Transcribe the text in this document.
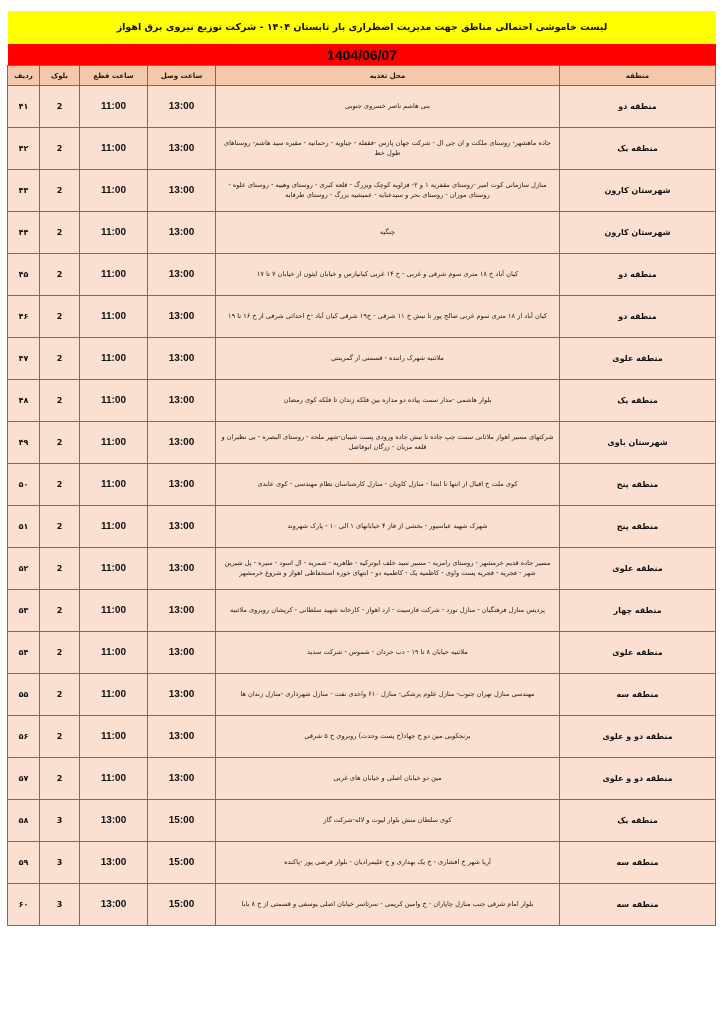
لیست خاموشی احتمالی مناطق جهت مدیریت اضطراری بار تابستان ۱۴۰۴ - شرکت توزیع نیروی برق اهواز
1404/06/07
منطقه	محل تغذیه	ساعت وصل	ساعت قطع	بلوک	ردیف
منطقه دو	بنی هاشم ناصر خسروی جنوبی	13:00	11:00	2	۴۱
منطقه یک	جاده ماهشهر- روستای ملکت و ان جی ال - شرکت جهان پارس -فقفله - جیاویه - رحمانیه - مقیره سید هاشم- روستاهای طول خط	13:00	11:00	2	۴۲
شهرستان کارون	منازل سازمانی کوت امیر -روستای مقفریه ۱ و ۲- فزاویه کوچک ویزرگ - قلعه کبری - روستای وهبیه - روستای علوه - روستای موران - روستای بحر و سیدعنایه - عمیشیه بزرگ - روستای طرفایه	13:00	11:00	2	۴۳
شهرستان کارون	چنگیه	13:00	11:00	2	۴۴
منطقه دو	کیان آباد خ ۱۸ متری سوم شرقی و غربی - خ ۱۴ غربی کیانپارس و خیابان ایثون از خیابان ۷ تا ۱۷	13:00	11:00	2	۴۵
منطقه دو	کیان آباد از ۱۸ متری سوم غربی صالح پور تا نبش خ ۱۱ شرقی - خ۱۹ شرقی کیان آباد -خ احداثی شرقی از خ ۱۶ تا ۱۹	13:00	11:00	2	۴۶
منطقه علوی	ملاثنیه شهرک راننده - قسمتی از گمرینتی	13:00	11:00	2	۴۷
منطقه یک	بلوار هاشمی -مدار سمت پیاده دو مداره بین فلکه زندان تا فلکه کوی رمضان	13:00	11:00	2	۴۸
شهرستان باوی	شرکتهای مسیر اهواز ملاثانی سمت چپ جاده تا نبش جاده ورودی پست شیبان-شهر ملحه - روستای البصره - بی نظیران و قلعه مزبان - زرگان ابوفاضل	13:00	11:00	2	۴۹
منطقه پنج	کوی ملت خ اقبال از انتها تا ابتدا - منازل کاویان - منازل کارشناسان نظام مهندسی - کوی عابدی	13:00	11:00	2	۵۰
منطقه پنج	شهرک شهید عباسپور - بخشی از فاز ۴ خیابانهای ۱ الی ۱۰ - پارک شهروند	13:00	11:00	2	۵۱
منطقه علوی	مسیر جاده قدیم خرمشهر - روستای رامزیه - مسیر سید خلف ابوترکیه - طاهریه - شمریه - ال اسود - سیره - پل شیرین شهر - فجریه - فجریه پست واوی - کاظمیه یک - کاظمیه دو - انتهای حوزه استحفاظی اهواز و شروع خرمشهر	13:00	11:00	2	۵۲
منطقه چهار	پردیس منازل فرهنگیان - منازل نورد - شرکت فارسیت - ارد اهواز - کارخانه شهید سلطانی - کریشان روبروی ملاثنیه	13:00	11:00	2	۵۳
منطقه علوی	ملاثنیه خیابان ۸ تا ۱۹ - دب حردان - شموس - شرکت سدید	13:00	11:00	2	۵۴
منطقه سه	مهندسی منازل تهران جنوب- منازل علوم پزشکی- منازل ۶۱۰ واحدی نفت - منازل شهرداری -منازل زندان ها	13:00	11:00	2	۵۵
منطقه دو و علوی	برنجکوبی مین دو خ جهاد(خ پست وحدت) روبروی خ ۵ شرقی	13:00	11:00	2	۵۶
منطقه دو و علوی	مین دو خیابان اصلی و خیابان های غربی	13:00	11:00	2	۵۷
منطقه یک	کوی سلطان منش بلوار لیوت و لاله-شرکت گاز	15:00	13:00	3	۵۸
منطقه سه	آریا شهر خ افشاری - خ یک بهداری و خ علیمرادیان - بلوار قرضی پور -پاکنده	15:00	13:00	3	۵۹
منطقه سه	بلوار امام شرقی جنب منازل چاپاران - خ وامین کریمی - سرتاسر خیابان اصلی یوسفی و قسمتی از خ ۸ بابا	15:00	13:00	3	۶۰
